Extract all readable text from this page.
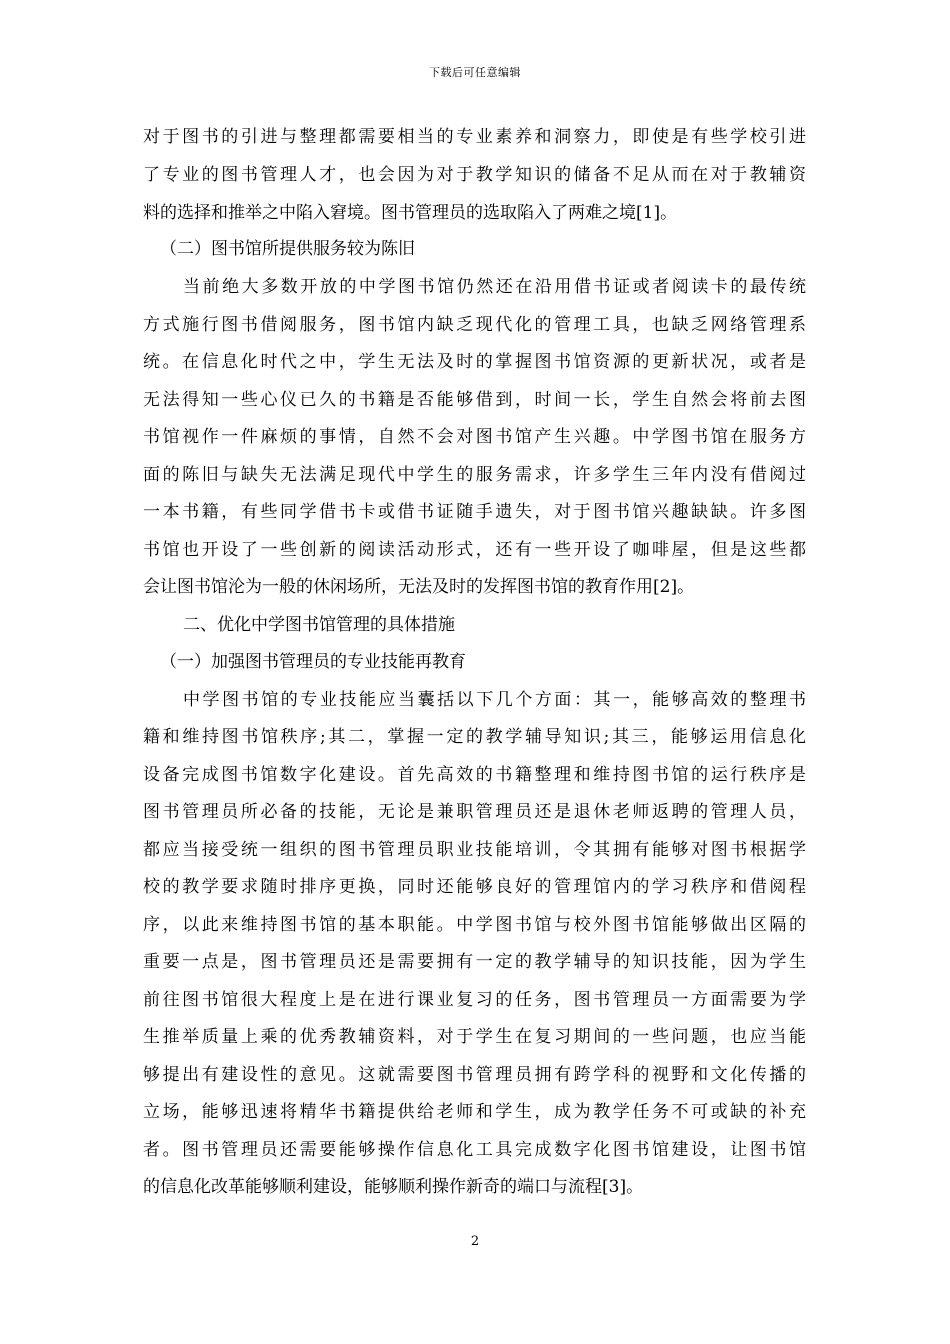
下载后可任意编辑
对于图书的引进与整理都需要相当的专业素养和洞察力，即使是有些学校引进
了专业的图书管理人才，也会因为对于教学知识的储备不足从而在对于教辅资
料的选择和推举之中陷入窘境。图书管理员的选取陷入了两难之境[1]。
（二）图书馆所提供服务较为陈旧
当前绝大多数开放的中学图书馆仍然还在沿用借书证或者阅读卡的最传统
方式施行图书借阅服务，图书馆内缺乏现代化的管理工具，也缺乏网络管理系
统。在信息化时代之中，学生无法及时的掌握图书馆资源的更新状况，或者是
无法得知一些心仪已久的书籍是否能够借到，时间一长，学生自然会将前去图
书馆视作一件麻烦的事情，自然不会对图书馆产生兴趣。中学图书馆在服务方
面的陈旧与缺失无法满足现代中学生的服务需求，许多学生三年内没有借阅过
一本书籍，有些同学借书卡或借书证随手遗失，对于图书馆兴趣缺缺。许多图
书馆也开设了一些创新的阅读活动形式，还有一些开设了咖啡屋，但是这些都
会让图书馆沦为一般的休闲场所，无法及时的发挥图书馆的教育作用[2]。
二、优化中学图书馆管理的具体措施
（一）加强图书管理员的专业技能再教育
中学图书馆的专业技能应当囊括以下几个方面：其一，能够高效的整理书
籍和维持图书馆秩序;其二，掌握一定的教学辅导知识;其三，能够运用信息化
设备完成图书馆数字化建设。首先高效的书籍整理和维持图书馆的运行秩序是
图书管理员所必备的技能，无论是兼职管理员还是退休老师返聘的管理人员，
都应当接受统一组织的图书管理员职业技能培训，令其拥有能够对图书根据学
校的教学要求随时排序更换，同时还能够良好的管理馆内的学习秩序和借阅程
序，以此来维持图书馆的基本职能。中学图书馆与校外图书馆能够做出区隔的
重要一点是，图书管理员还是需要拥有一定的教学辅导的知识技能，因为学生
前往图书馆很大程度上是在进行课业复习的任务，图书管理员一方面需要为学
生推举质量上乘的优秀教辅资料，对于学生在复习期间的一些问题，也应当能
够提出有建设性的意见。这就需要图书管理员拥有跨学科的视野和文化传播的
立场，能够迅速将精华书籍提供给老师和学生，成为教学任务不可或缺的补充
者。图书管理员还需要能够操作信息化工具完成数字化图书馆建设，让图书馆
的信息化改革能够顺利建设，能够顺利操作新奇的端口与流程[3]。
2
